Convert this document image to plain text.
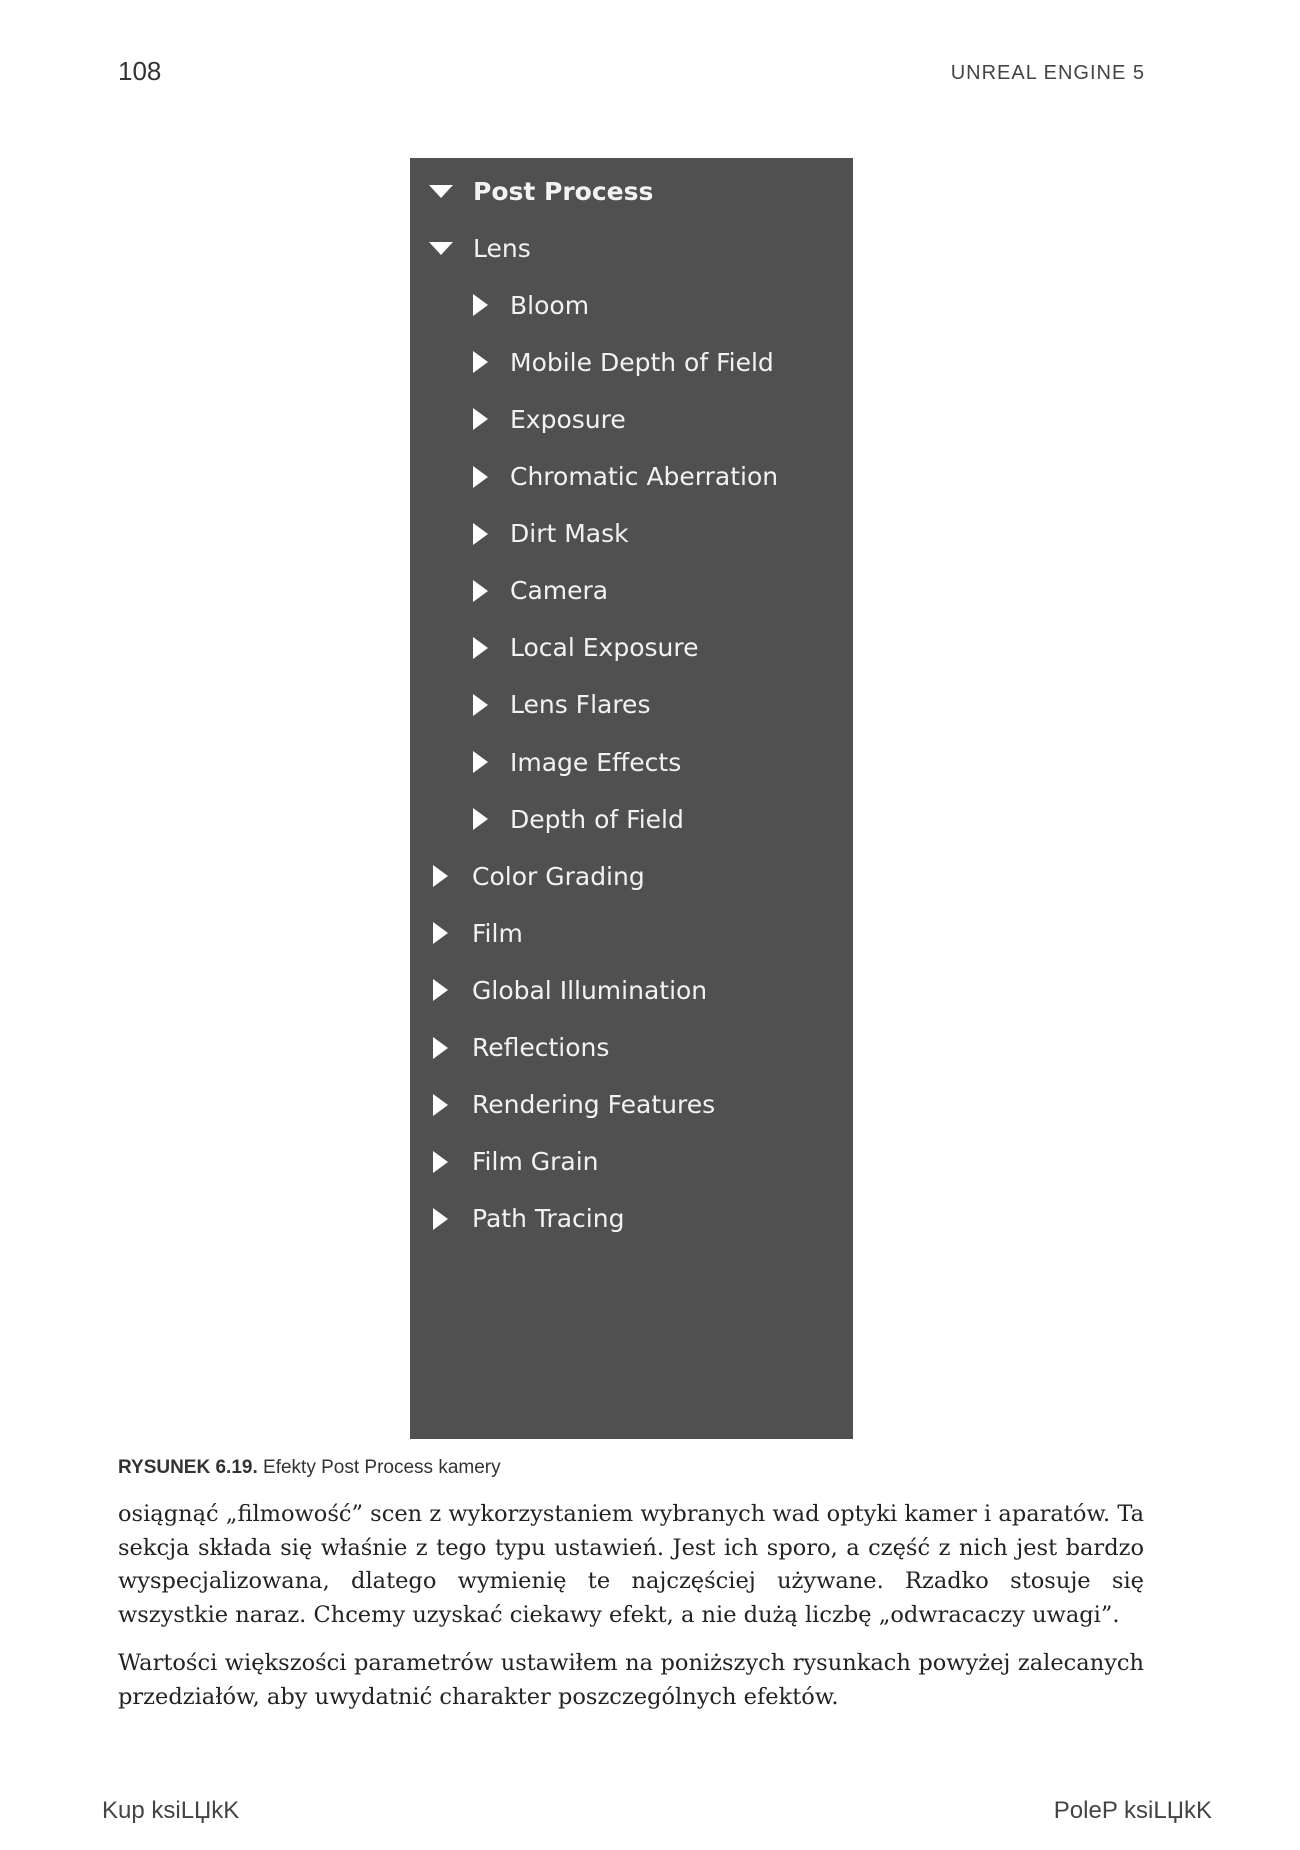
108	UNREAL ENGINE 5
Post Process
Lens
Bloom
Mobile Depth of Field
Exposure
Chromatic Aberration
Dirt Mask
Camera
Local Exposure
Lens Flares
Image Effects
Depth of Field
Color Grading
Film
Global Illumination
Reflections
Rendering Features
Film Grain
Path Tracing
RYSUNEK 6.19. Efekty Post Process kamery

osiągnąć „filmowość” scen z wykorzystaniem wybranych wad optyki kamer i aparatów. Ta sekcja składa się właśnie z tego typu ustawień. Jest ich sporo, a część z nich jest bardzo wyspecjalizowana, dlatego wymienię te najczęściej używane. Rzadko stosuje się wszystkie naraz. Chcemy uzyskać ciekawy efekt, a nie dużą liczbę „odwracaczy uwagi”.

Wartości większości parametrów ustawiłem na poniższych rysunkach powyżej zalecanych przedziałów, aby uwydatnić charakter poszczególnych efektów.

Kup ksiLЏkK	PoleP ksiLЏkK
